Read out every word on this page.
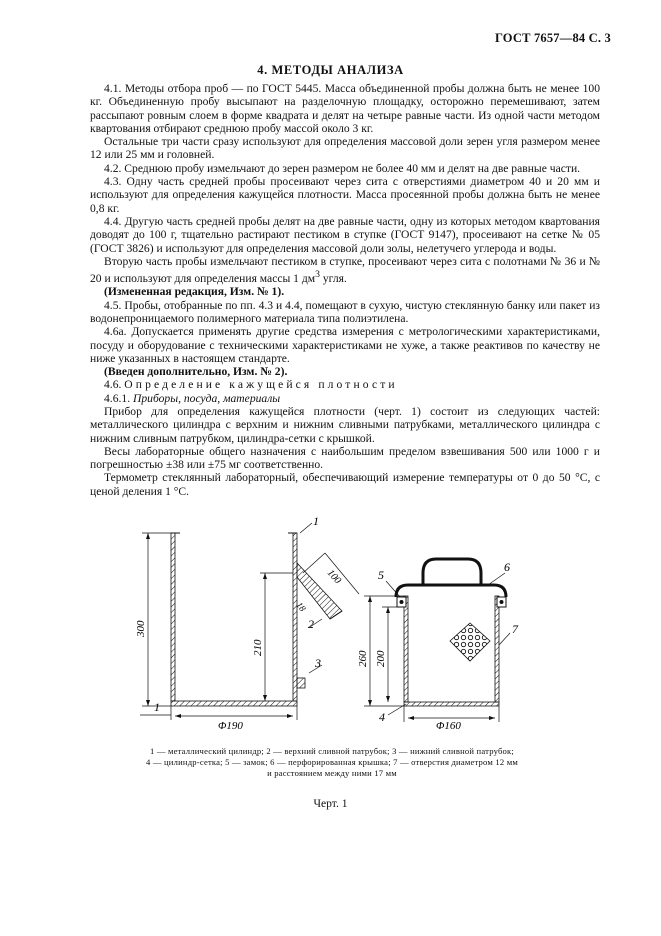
ГОСТ 7657—84 С. 3
4. МЕТОДЫ АНАЛИЗА

4.1. Методы отбора проб — по ГОСТ 5445. Масса объединенной пробы должна быть не менее 100 кг. Объединенную пробу высыпают на разделочную площадку, осторожно перемешивают, затем рассыпают ровным слоем в форме квадрата и делят на четыре равные части. Из одной части методом квартования отбирают среднюю пробу массой около 3 кг.

Остальные три части сразу используют для определения массовой доли зерен угля размером менее 12 или 25 мм и головней.

4.2. Среднюю пробу измельчают до зерен размером не более 40 мм и делят на две равные части.

4.3. Одну часть средней пробы просеивают через сита с отверстиями диаметром 40 и 20 мм и используют для определения кажущейся плотности. Масса просеянной пробы должна быть не менее 0,8 кг.

4.4. Другую часть средней пробы делят на две равные части, одну из которых методом квартования доводят до 100 г, тщательно растирают пестиком в ступке (ГОСТ 9147), просеивают на сетке № 05 (ГОСТ 3826) и используют для определения массовой доли золы, нелетучего углерода и воды.

Вторую часть пробы измельчают пестиком в ступке, просеивают через сита с полотнами № 36 и № 20 и используют для определения массы 1 $дм^3$ угля.

(Измененная редакция, Изм. № 1).

4.5. Пробы, отобранные по пп. 4.3 и 4.4, помещают в сухую, чистую стеклянную банку или пакет из водонепроницаемого полимерного материала типа полиэтилена.

4.6а. Допускается применять другие средства измерения с метрологическими характеристиками, посуду и оборудование с техническими характеристиками не хуже, а также реактивов по качеству не ниже указанных в настоящем стандарте.

(Введен дополнительно, Изм. № 2).

4.6. Определение кажущейся плотности

4.6.1. Приборы, посуда, материалы

Прибор для определения кажущейся плотности (черт. 1) состоит из следующих частей: металлического цилиндра с верхним и нижним сливными патрубками, металлического цилиндра с нижним сливным патрубком, цилиндра-сетки с крышкой.

Весы лабораторные общего назначения с наибольшим пределом взвешивания 500 или 1000 г и погрешностью ±38 или ±75 мг соответственно.

Термометр стеклянный лабораторный, обеспечивающий измерение температуры от 0 до 50 °С, с ценой деления 1 °С.

300
210
Φ190
100
18
1
2
3
1
260 200
Φ160
5
6
7
4
1 — металлический цилиндр; 2 — верхний сливной патрубок; 3 — нижний сливной патрубок;
4 — цилиндр-сетка; 5 — замок; 6 — перфорированная крышка; 7 — отверстия диаметром 12 мм
и расстоянием между ними 17 мм
Черт. 1
